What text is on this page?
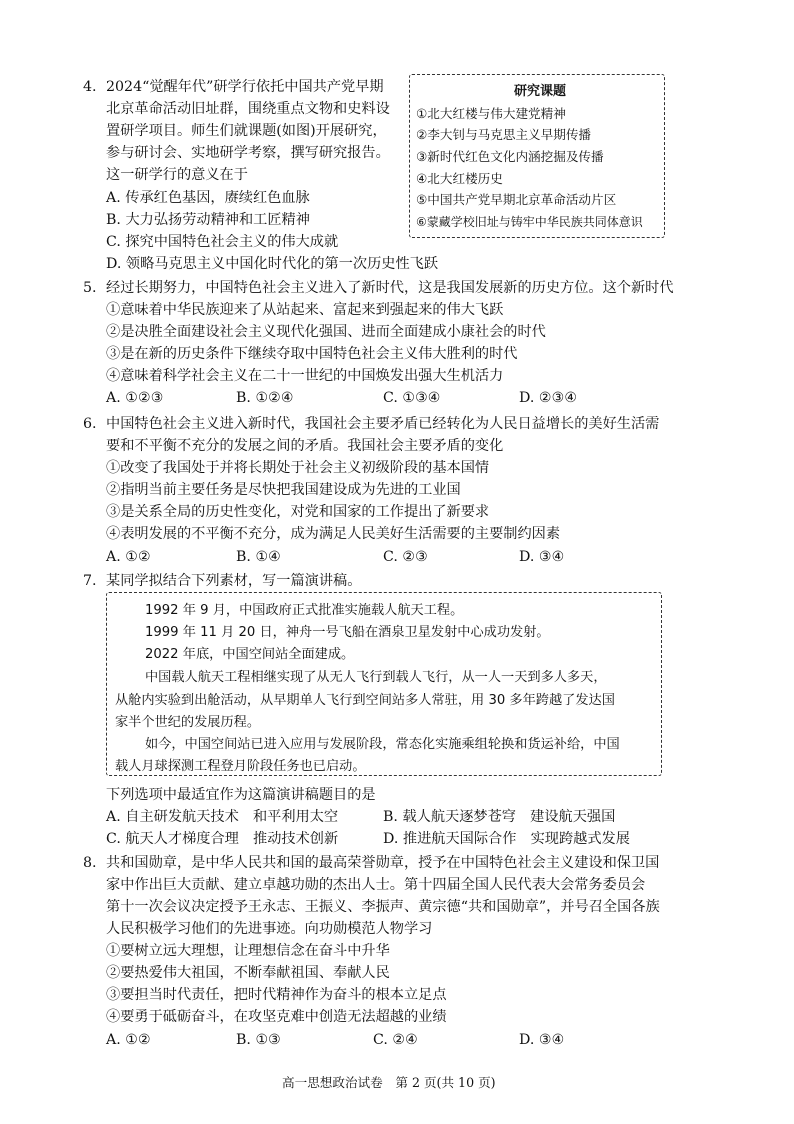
4. 2024“觉醒年代”研学行依托中国共产党早期
北京革命活动旧址群，围绕重点文物和史料设
置研学项目。师生们就课题(如图)开展研究，
参与研讨会、实地研学考察，撰写研究报告。
这一研学行的意义在于
A. 传承红色基因，赓续红色血脉
B. 大力弘扬劳动精神和工匠精神
C. 探究中国特色社会主义的伟大成就
D. 领略马克思主义中国化时代化的第一次历史性飞跃
研究课题
①北大红楼与伟大建党精神
②李大钊与马克思主义早期传播
③新时代红色文化内涵挖掘及传播
④北大红楼历史
⑤中国共产党早期北京革命活动片区
⑥蒙藏学校旧址与铸牢中华民族共同体意识
5. 经过长期努力，中国特色社会主义进入了新时代，这是我国发展新的历史方位。这个新时代
①意味着中华民族迎来了从站起来、富起来到强起来的伟大飞跃
②是决胜全面建设社会主义现代化强国、进而全面建成小康社会的时代
③是在新的历史条件下继续夺取中国特色社会主义伟大胜利的时代
④意味着科学社会主义在二十一世纪的中国焕发出强大生机活力
A. ①②③	B. ①②④	C. ①③④	D. ②③④
6. 中国特色社会主义进入新时代，我国社会主要矛盾已经转化为人民日益增长的美好生活需
要和不平衡不充分的发展之间的矛盾。我国社会主要矛盾的变化
①改变了我国处于并将长期处于社会主义初级阶段的基本国情
②指明当前主要任务是尽快把我国建设成为先进的工业国
③是关系全局的历史性变化，对党和国家的工作提出了新要求
④表明发展的不平衡不充分，成为满足人民美好生活需要的主要制约因素
A. ①②	B. ①④	C. ②③	D. ③④
7. 某同学拟结合下列素材，写一篇演讲稿。
1992 年 9 月，中国政府正式批准实施载人航天工程。
1999 年 11 月 20 日，神舟一号飞船在酒泉卫星发射中心成功发射。
2022 年底，中国空间站全面建成。
中国载人航天工程相继实现了从无人飞行到载人飞行，从一人一天到多人多天，
从舱内实验到出舱活动，从早期单人飞行到空间站多人常驻，用 30 多年跨越了发达国
家半个世纪的发展历程。
如今，中国空间站已进入应用与发展阶段，常态化实施乘组轮换和货运补给，中国
载人月球探测工程登月阶段任务也已启动。
下列选项中最适宜作为这篇演讲稿题目的是
A. 自主研发航天技术　和平利用太空	B. 载人航天逐梦苍穹　建设航天强国
C. 航天人才梯度合理　推动技术创新	D. 推进航天国际合作　实现跨越式发展
8. 共和国勋章，是中华人民共和国的最高荣誉勋章，授予在中国特色社会主义建设和保卫国
家中作出巨大贡献、建立卓越功勋的杰出人士。第十四届全国人民代表大会常务委员会
第十一次会议决定授予王永志、王振义、李振声、黄宗德“共和国勋章”，并号召全国各族
人民积极学习他们的先进事迹。向功勋模范人物学习
①要树立远大理想，让理想信念在奋斗中升华
②要热爱伟大祖国，不断奉献祖国、奉献人民
③要担当时代责任，把时代精神作为奋斗的根本立足点
④要勇于砥砺奋斗，在攻坚克难中创造无法超越的业绩
A. ①②	B. ①③	C. ②④	D. ③④
高一思想政治试卷　第 2 页(共 10 页)
